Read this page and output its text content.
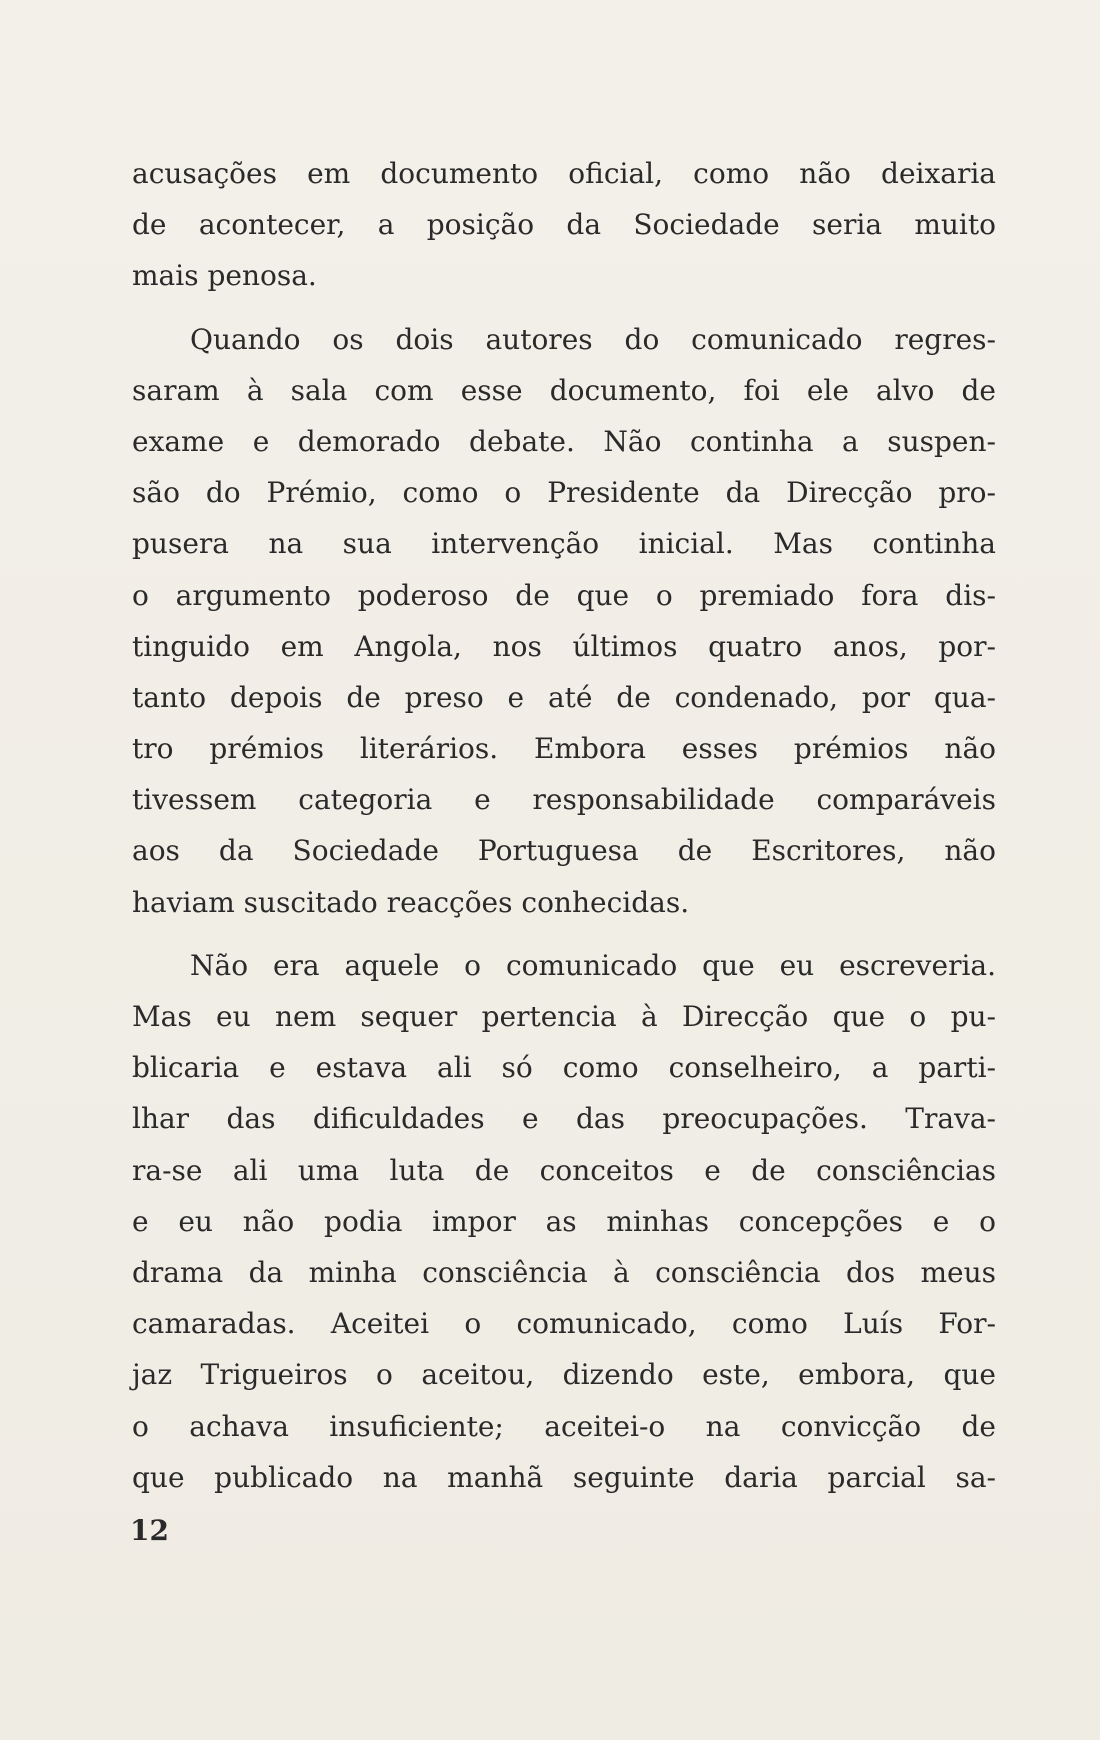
acusações em documento oficial, como não deixaria
de acontecer, a posição da Sociedade seria muito
mais penosa.
Quando os dois autores do comunicado regres-
saram à sala com esse documento, foi ele alvo de
exame e demorado debate. Não continha a suspen-
são do Prémio, como o Presidente da Direcção pro-
pusera na sua intervenção inicial. Mas continha
o argumento poderoso de que o premiado fora dis-
tinguido em Angola, nos últimos quatro anos, por-
tanto depois de preso e até de condenado, por qua-
tro prémios literários. Embora esses prémios não
tivessem categoria e responsabilidade comparáveis
aos da Sociedade Portuguesa de Escritores, não
haviam suscitado reacções conhecidas.
Não era aquele o comunicado que eu escreveria.
Mas eu nem sequer pertencia à Direcção que o pu-
blicaria e estava ali só como conselheiro, a parti-
lhar das dificuldades e das preocupações. Trava-
ra-se ali uma luta de conceitos e de consciências
e eu não podia impor as minhas concepções e o
drama da minha consciência à consciência dos meus
camaradas. Aceitei o comunicado, como Luís For-
jaz Trigueiros o aceitou, dizendo este, embora, que
o achava insuficiente; aceitei-o na convicção de
que publicado na manhã seguinte daria parcial sa-
12
